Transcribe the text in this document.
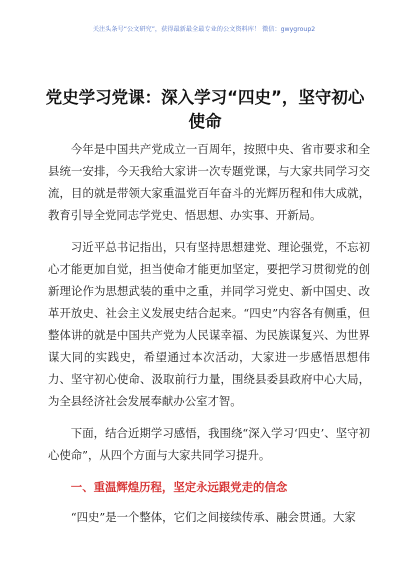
关注头条号“公文研究”，获得最新最全最专业的公文资料库！ 微信：gwygroup2
党史学习党课：深入学习“四史”，坚守初心使命

今年是中国共产党成立一百周年，按照中央、省市要求和全县统一安排，今天我给大家讲一次专题党课，与大家共同学习交流，目的就是带领大家重温党百年奋斗的光辉历程和伟大成就，教育引导全党同志学党史、悟思想、办实事、开新局。

习近平总书记指出，只有坚持思想建党、理论强党，不忘初心才能更加自觉，担当使命才能更加坚定，要把学习贯彻党的创新理论作为思想武装的重中之重，并同学习党史、新中国史、改革开放史、社会主义发展史结合起来。“四史”内容各有侧重，但整体讲的就是中国共产党为人民谋幸福、为民族谋复兴、为世界谋大同的实践史，希望通过本次活动，大家进一步感悟思想伟力、坚守初心使命、汲取前行力量，围绕县委县政府中心大局，为全县经济社会发展奉献办公室才智。

下面，结合近期学习感悟，我围绕“深入学习‘四史’、坚守初心使命”，从四个方面与大家共同学习提升。

一、重温辉煌历程，坚定永远跟党走的信念

“四史”是一个整体，它们之间接续传承、融会贯通。大家
